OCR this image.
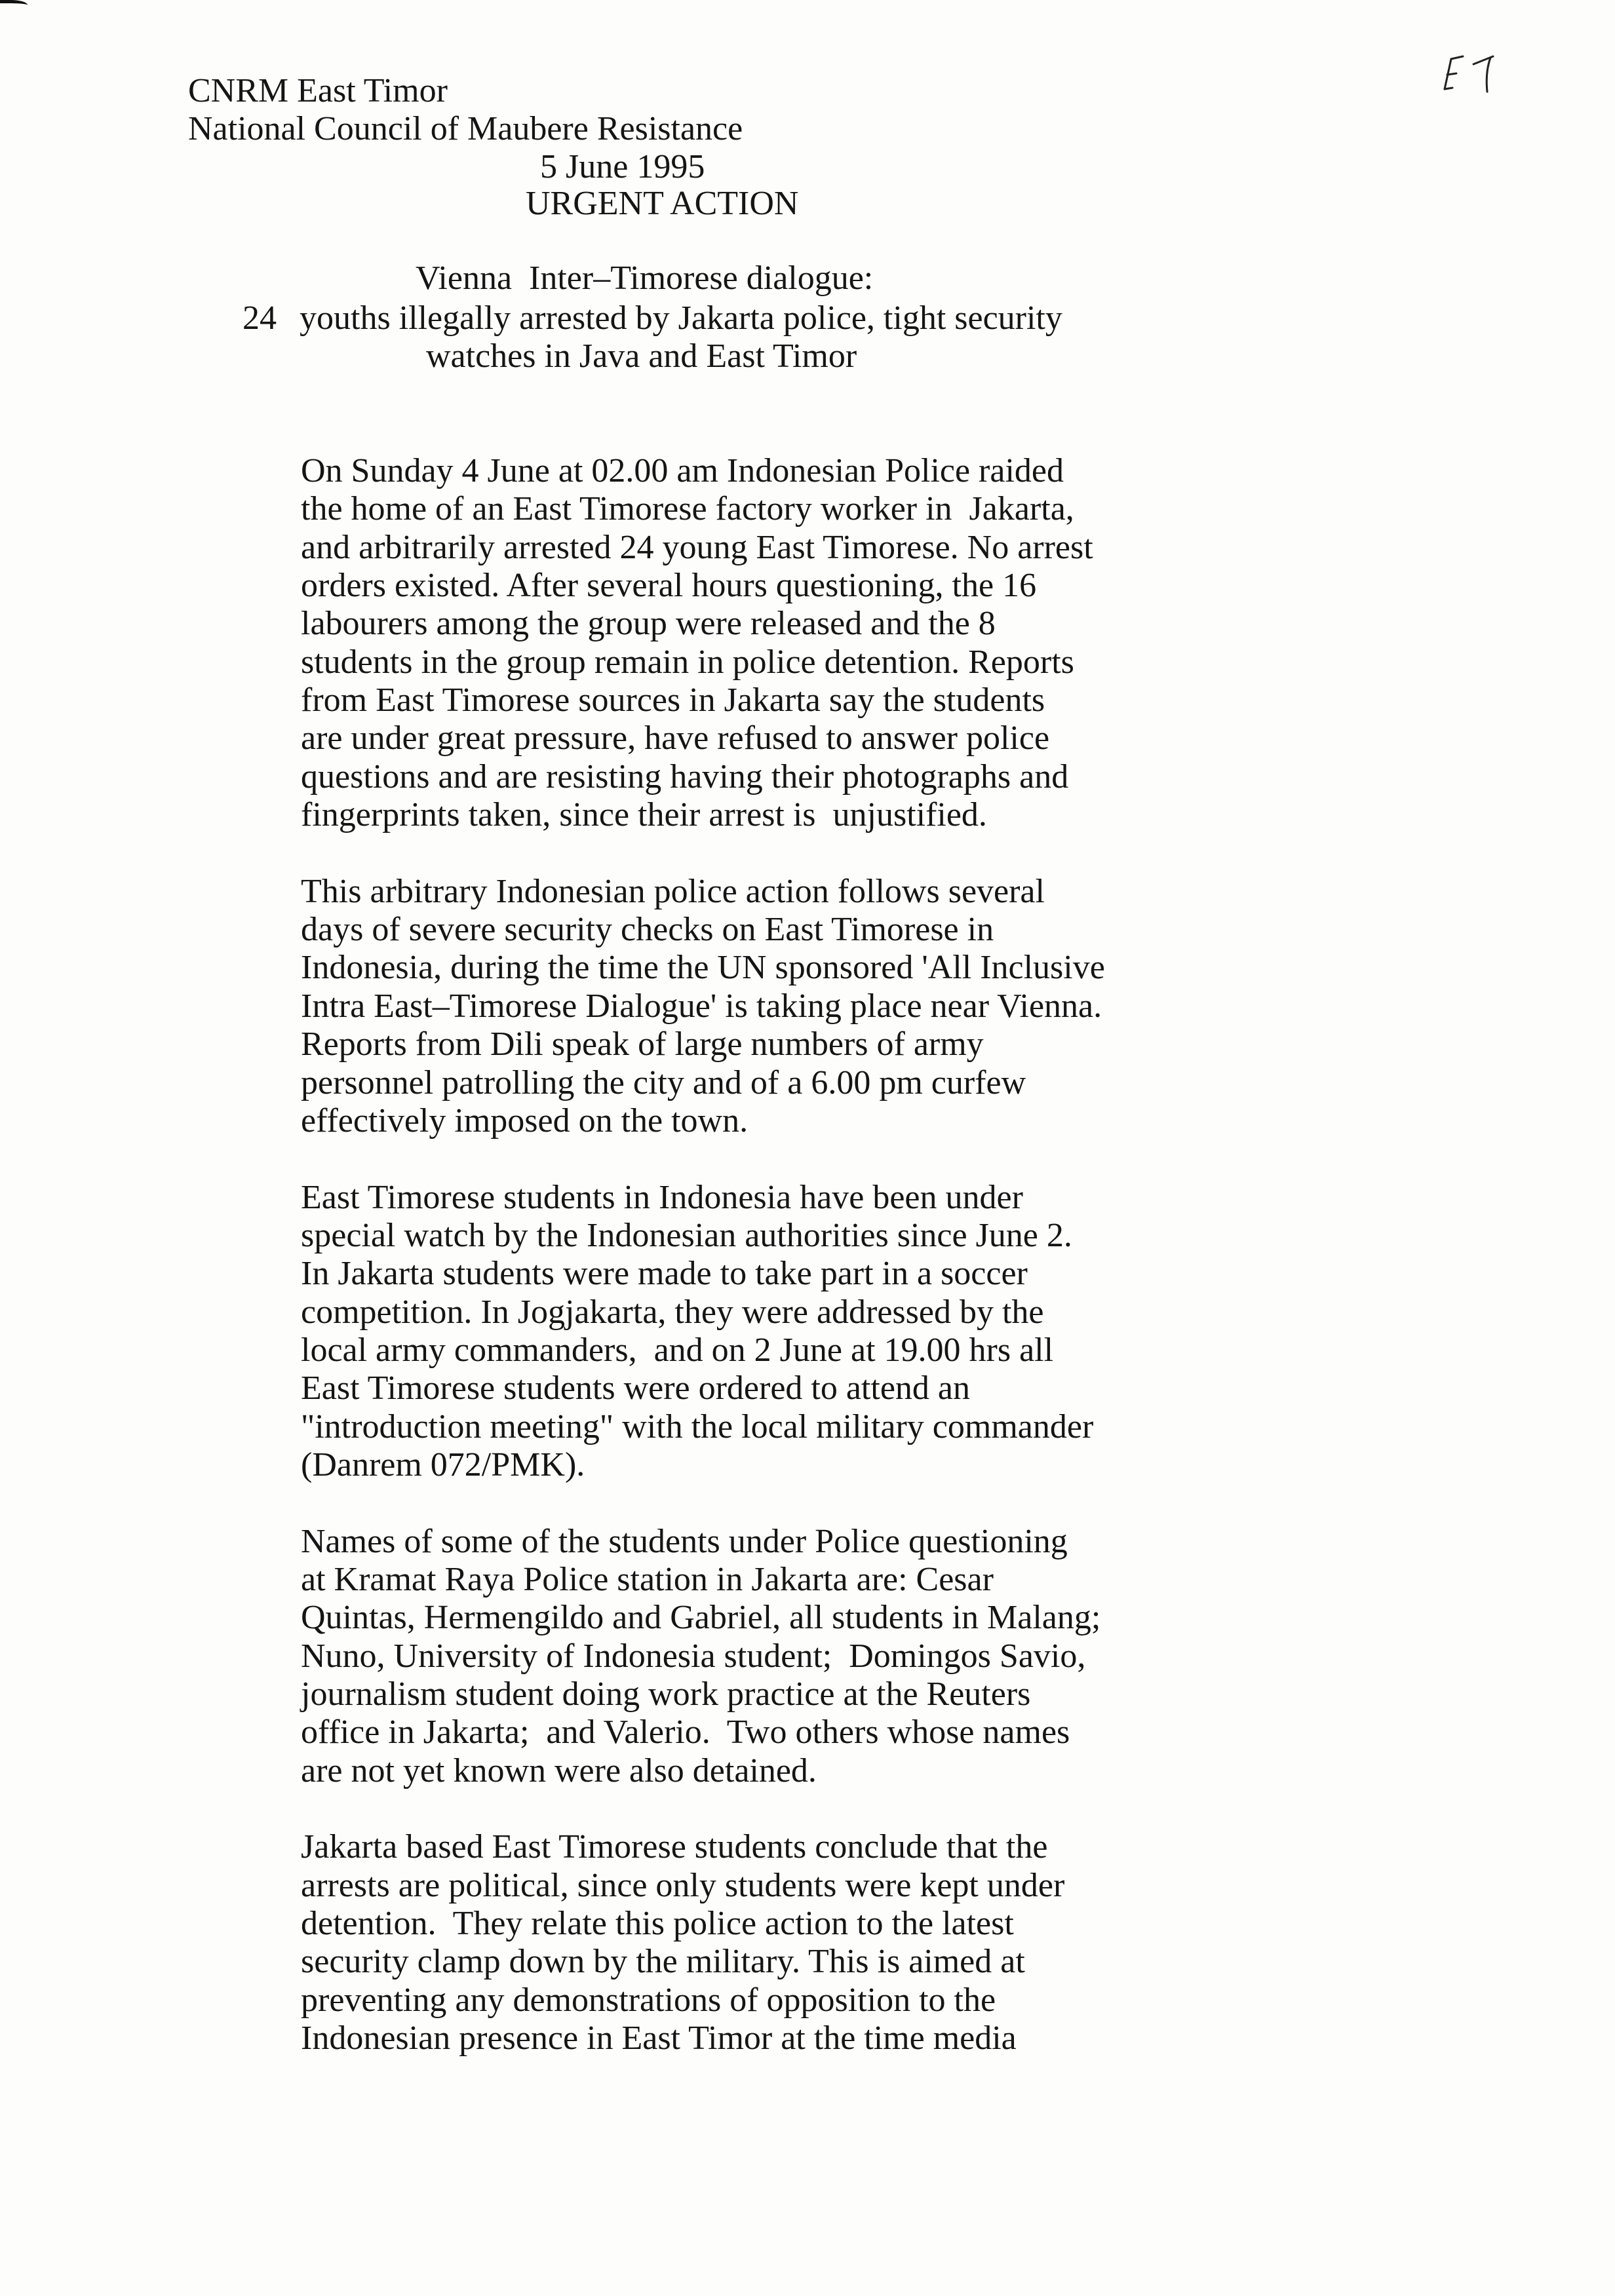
CNRM East Timor
National Council of Maubere Resistance
5 June 1995
URGENT ACTION
Vienna  Inter–Timorese dialogue:
24 youths illegally arrested by Jakarta police, tight security
watches in Java and East Timor
On Sunday 4 June at 02.00 am Indonesian Police raided
the home of an East Timorese factory worker in  Jakarta,
and arbitrarily arrested 24 young East Timorese. No arrest
orders existed. After several hours questioning, the 16
labourers among the group were released and the 8
students in the group remain in police detention. Reports
from East Timorese sources in Jakarta say the students
are under great pressure, have refused to answer police
questions and are resisting having their photographs and
fingerprints taken, since their arrest is  unjustified.
This arbitrary Indonesian police action follows several
days of severe security checks on East Timorese in
Indonesia, during the time the UN sponsored 'All Inclusive
Intra East–Timorese Dialogue' is taking place near Vienna.
Reports from Dili speak of large numbers of army
personnel patrolling the city and of a 6.00 pm curfew
effectively imposed on the town.
East Timorese students in Indonesia have been under
special watch by the Indonesian authorities since June 2.
In Jakarta students were made to take part in a soccer
competition. In Jogjakarta, they were addressed by the
local army commanders,  and on 2 June at 19.00 hrs all
East Timorese students were ordered to attend an
"introduction meeting" with the local military commander
(Danrem 072/PMK).
Names of some of the students under Police questioning
at Kramat Raya Police station in Jakarta are: Cesar
Quintas, Hermengildo and Gabriel, all students in Malang;
Nuno, University of Indonesia student;  Domingos Savio,
journalism student doing work practice at the Reuters
office in Jakarta;  and Valerio.  Two others whose names
are not yet known were also detained.
Jakarta based East Timorese students conclude that the
arrests are political, since only students were kept under
detention.  They relate this police action to the latest
security clamp down by the military. This is aimed at
preventing any demonstrations of opposition to the
Indonesian presence in East Timor at the time media
